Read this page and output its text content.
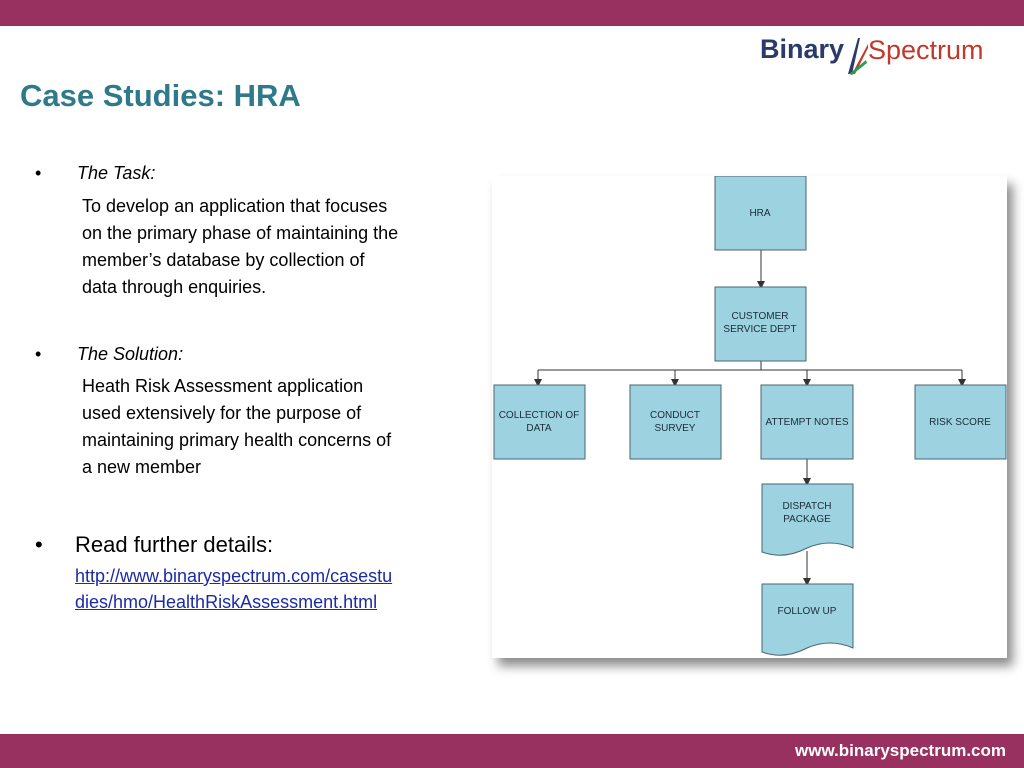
Binary Spectrum
Case Studies: HRA
• The Task:
To develop an application that focuses
on the primary phase of maintaining the
member’s database by collection of
data through enquiries.
• The Solution:
Heath Risk Assessment application
used extensively for the purpose of
maintaining primary health concerns of
a new member
• Read further details:
http://www.binaryspectrum.com/casestu
dies/hmo/HealthRiskAssessment.html
HRA
CUSTOMER
SERVICE DEPT
COLLECTION OF
DATA
CONDUCT
SURVEY
ATTEMPT NOTES	RISK SCORE
DISPATCH
PACKAGE
FOLLOW UP
www.binaryspectrum.com
